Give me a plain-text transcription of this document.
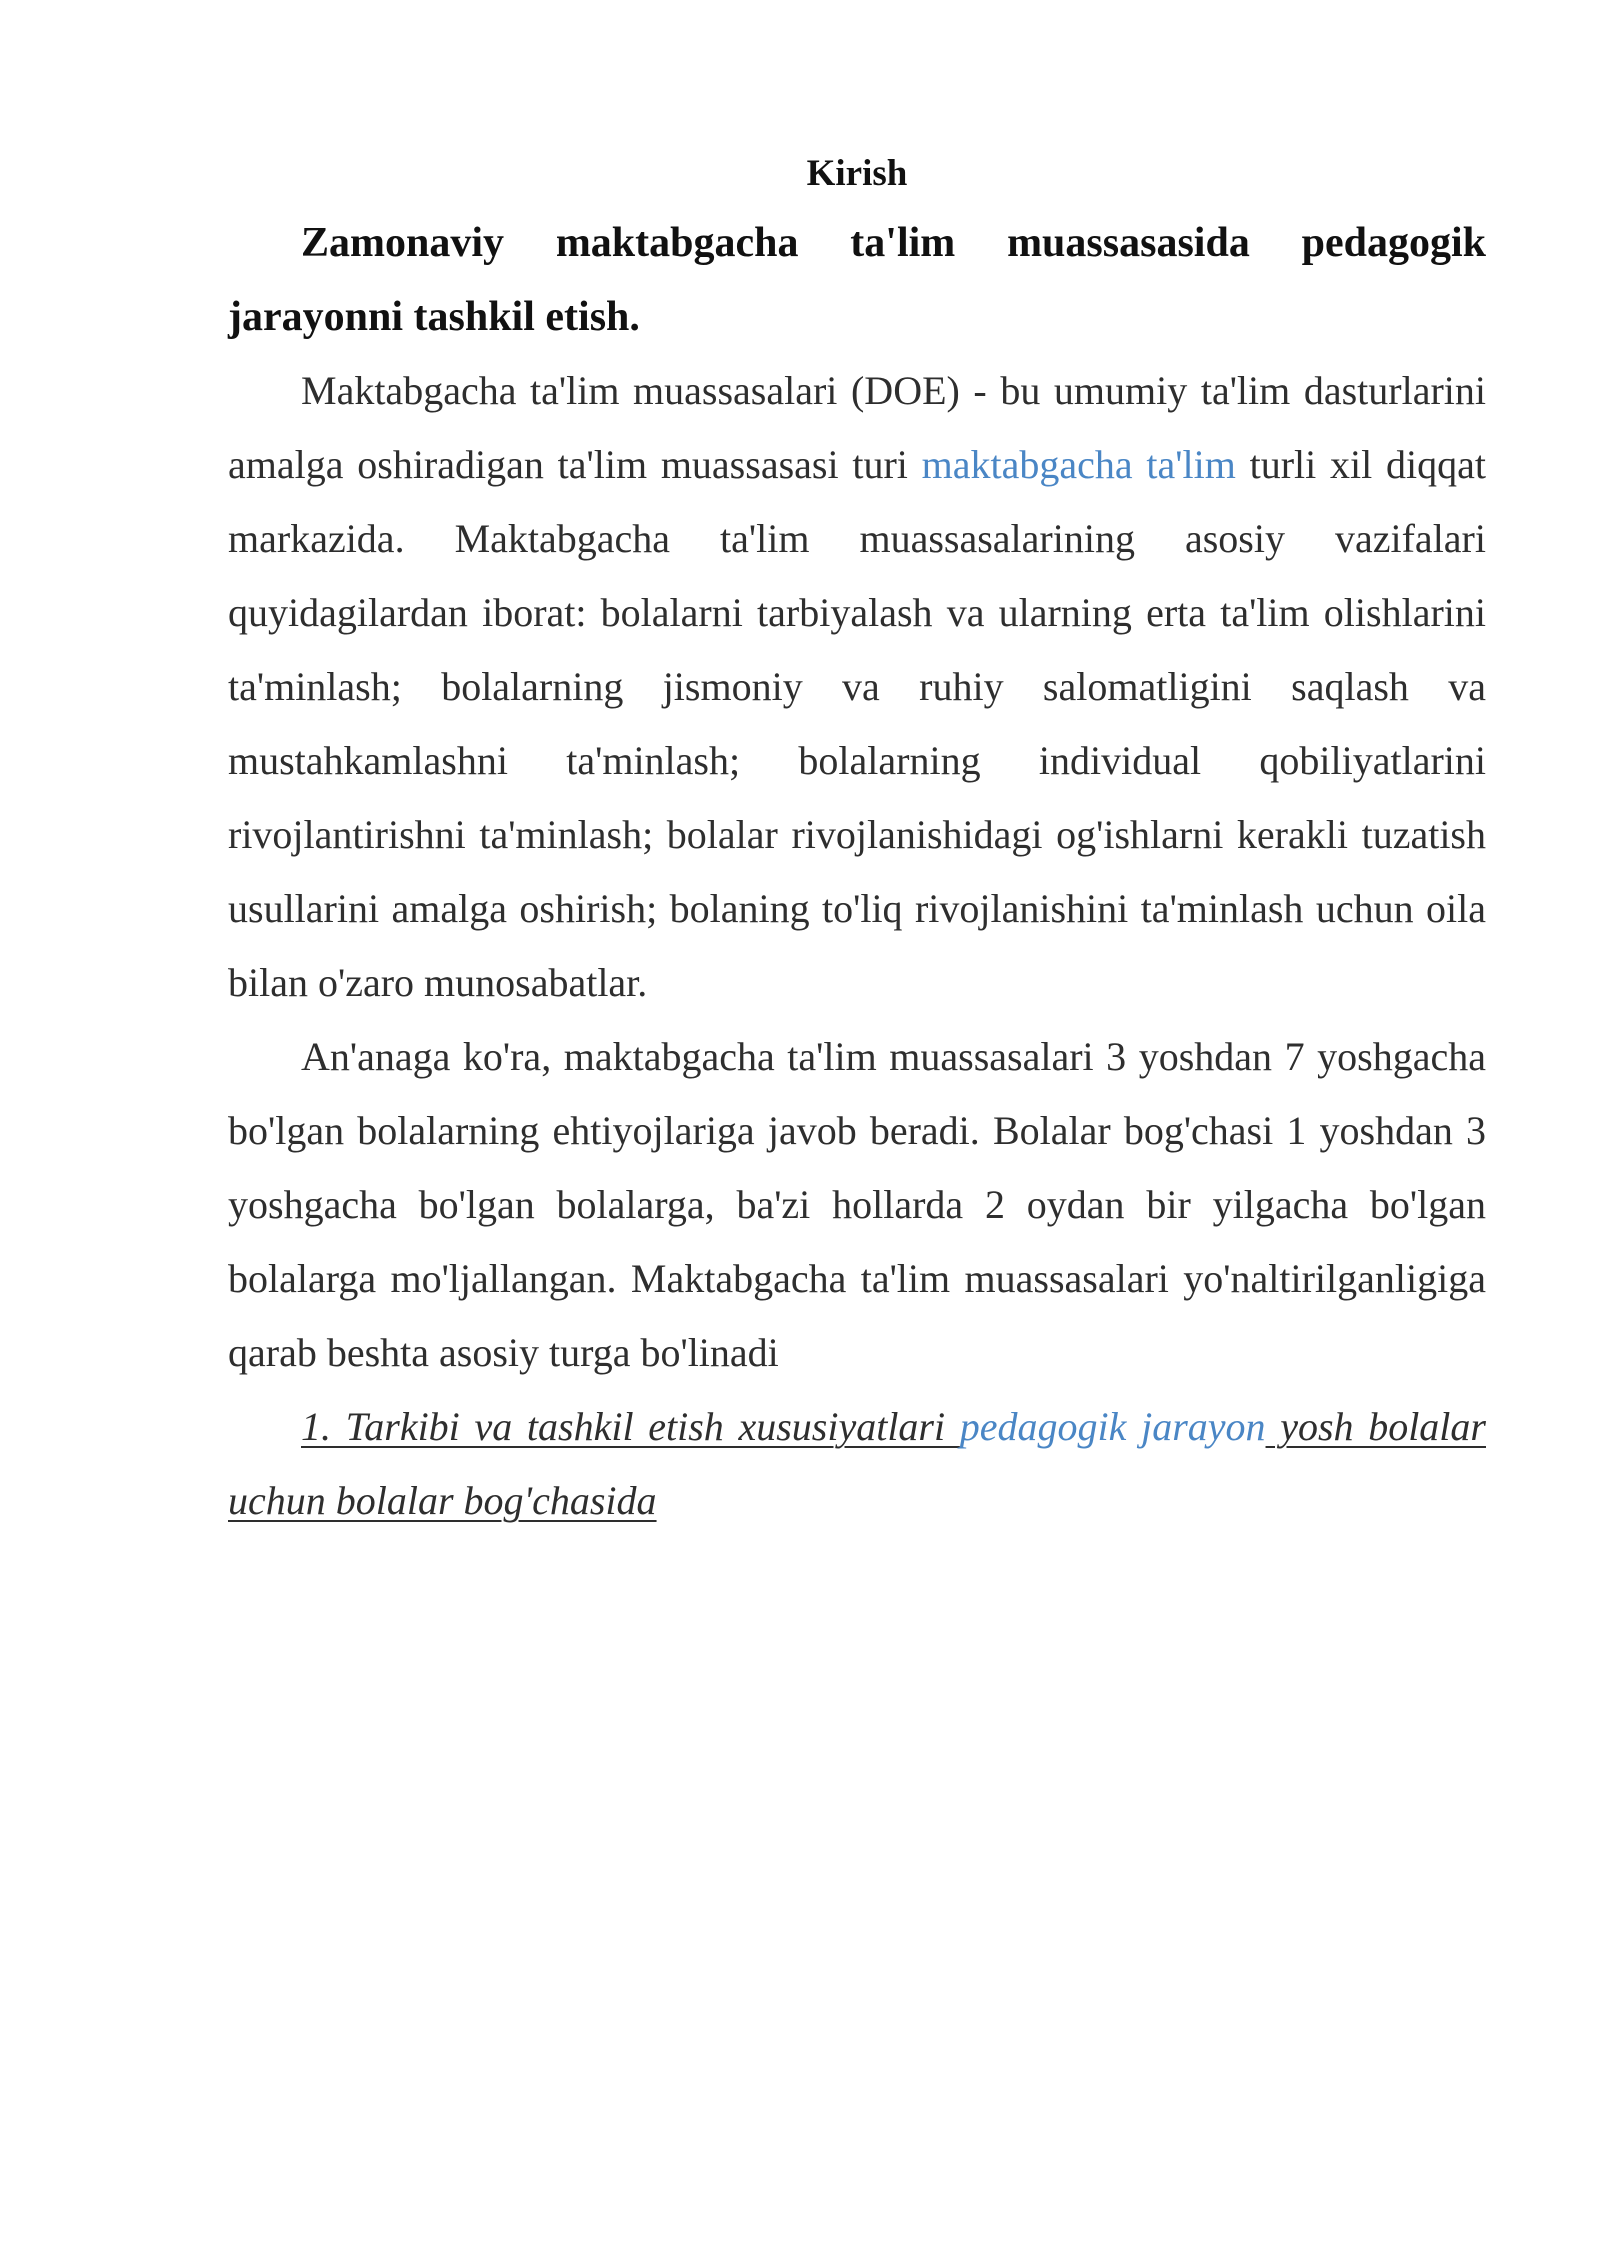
Kirish

Zamonaviy maktabgacha ta'lim muassasasida pedagogik jarayonni tashkil etish.

Maktabgacha ta'lim muassasalari (DOE) - bu umumiy ta'lim dasturlarini amalga oshiradigan ta'lim muassasasi turi maktabgacha ta'lim turli xil diqqat markazida. Maktabgacha ta'lim muassasalarining asosiy vazifalari quyidagilardan iborat: bolalarni tarbiyalash va ularning erta ta'lim olishlarini ta'minlash; bolalarning jismoniy va ruhiy salomatligini saqlash va mustahkamlashni ta'minlash; bolalarning individual qobiliyatlarini rivojlantirishni ta'minlash; bolalar rivojlanishidagi og'ishlarni kerakli tuzatish usullarini amalga oshirish; bolaning to'liq rivojlanishini ta'minlash uchun oila bilan o'zaro munosabatlar.

An'anaga ko'ra, maktabgacha ta'lim muassasalari 3 yoshdan 7 yoshgacha bo'lgan bolalarning ehtiyojlariga javob beradi. Bolalar bog'chasi 1 yoshdan 3 yoshgacha bo'lgan bolalarga, ba'zi hollarda 2 oydan bir yilgacha bo'lgan bolalarga mo'ljallangan. Maktabgacha ta'lim muassasalari yo'naltirilganligiga qarab beshta asosiy turga bo'linadi

1. Tarkibi va tashkil etish xususiyatlari pedagogik jarayon yosh bolalar uchun bolalar bog'chasida
